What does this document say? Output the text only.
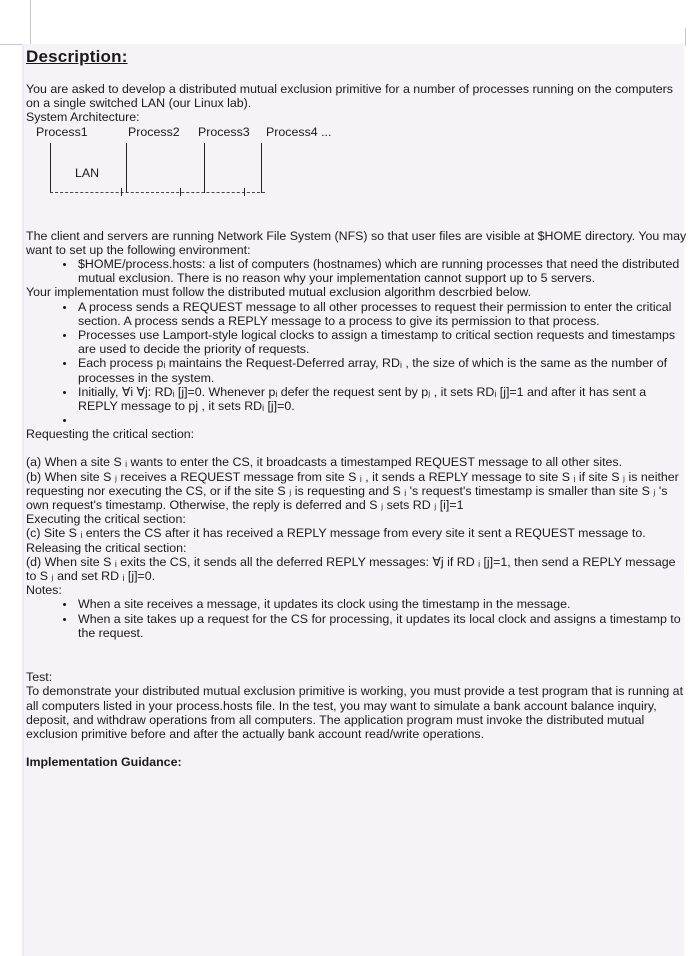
Description:

You are asked to develop a distributed mutual exclusion primitive for a number of processes running on the computers on a single switched LAN (our Linux lab).

System Architecture:

Process1	Process2 Process3 Process4 ...
LAN

The client and servers are running Network File System (NFS) so that user files are visible at $HOME directory. You may want to set up the following environment:

• $HOME/process.hosts: a list of computers (hostnames) which are running processes that need the distributed mutual exclusion. There is no reason why your implementation cannot support up to 5 servers.

Your implementation must follow the distributed mutual exclusion algorithm descrbied below.

• A process sends a REQUEST message to all other processes to request their permission to enter the critical section. A process sends a REPLY message to a process to give its permission to that process.
• Processes use Lamport-style logical clocks to assign a timestamp to critical section requests and timestamps are used to decide the priority of requests.
• Each process pᵢ maintains the Request-Deferred array, RDᵢ , the size of which is the same as the number of processes in the system.
• Initially, ∀i ∀j: RDᵢ [j]=0. Whenever pᵢ defer the request sent by pⱼ , it sets RDᵢ [j]=1 and after it has sent a REPLY message to pj , it sets RDᵢ [j]=0.
•

Requesting the critical section:

(a) When a site S ᵢ wants to enter the CS, it broadcasts a timestamped REQUEST message to all other sites.

(b) When site S ⱼ receives a REQUEST message from site S ᵢ , it sends a REPLY message to site S ᵢ if site S ⱼ is neither requesting nor executing the CS, or if the site S ⱼ is requesting and S ᵢ 's request's timestamp is smaller than site S ⱼ 's own request's timestamp. Otherwise, the reply is deferred and S ⱼ sets RD ⱼ [i]=1

Executing the critical section:

(c) Site S ᵢ enters the CS after it has received a REPLY message from every site it sent a REQUEST message to.

Releasing the critical section:

(d) When site S ᵢ exits the CS, it sends all the deferred REPLY messages: ∀j if RD ᵢ [j]=1, then send a REPLY message to S ⱼ and set RD ᵢ [j]=0.

Notes:

• When a site receives a message, it updates its clock using the timestamp in the message.
• When a site takes up a request for the CS for processing, it updates its local clock and assigns a timestamp to the request.

Test:

To demonstrate your distributed mutual exclusion primitive is working, you must provide a test program that is running at all computers listed in your process.hosts file. In the test, you may want to simulate a bank account balance inquiry, deposit, and withdraw operations from all computers. The application program must invoke the distributed mutual exclusion primitive before and after the actually bank account read/write operations.

Implementation Guidance:
